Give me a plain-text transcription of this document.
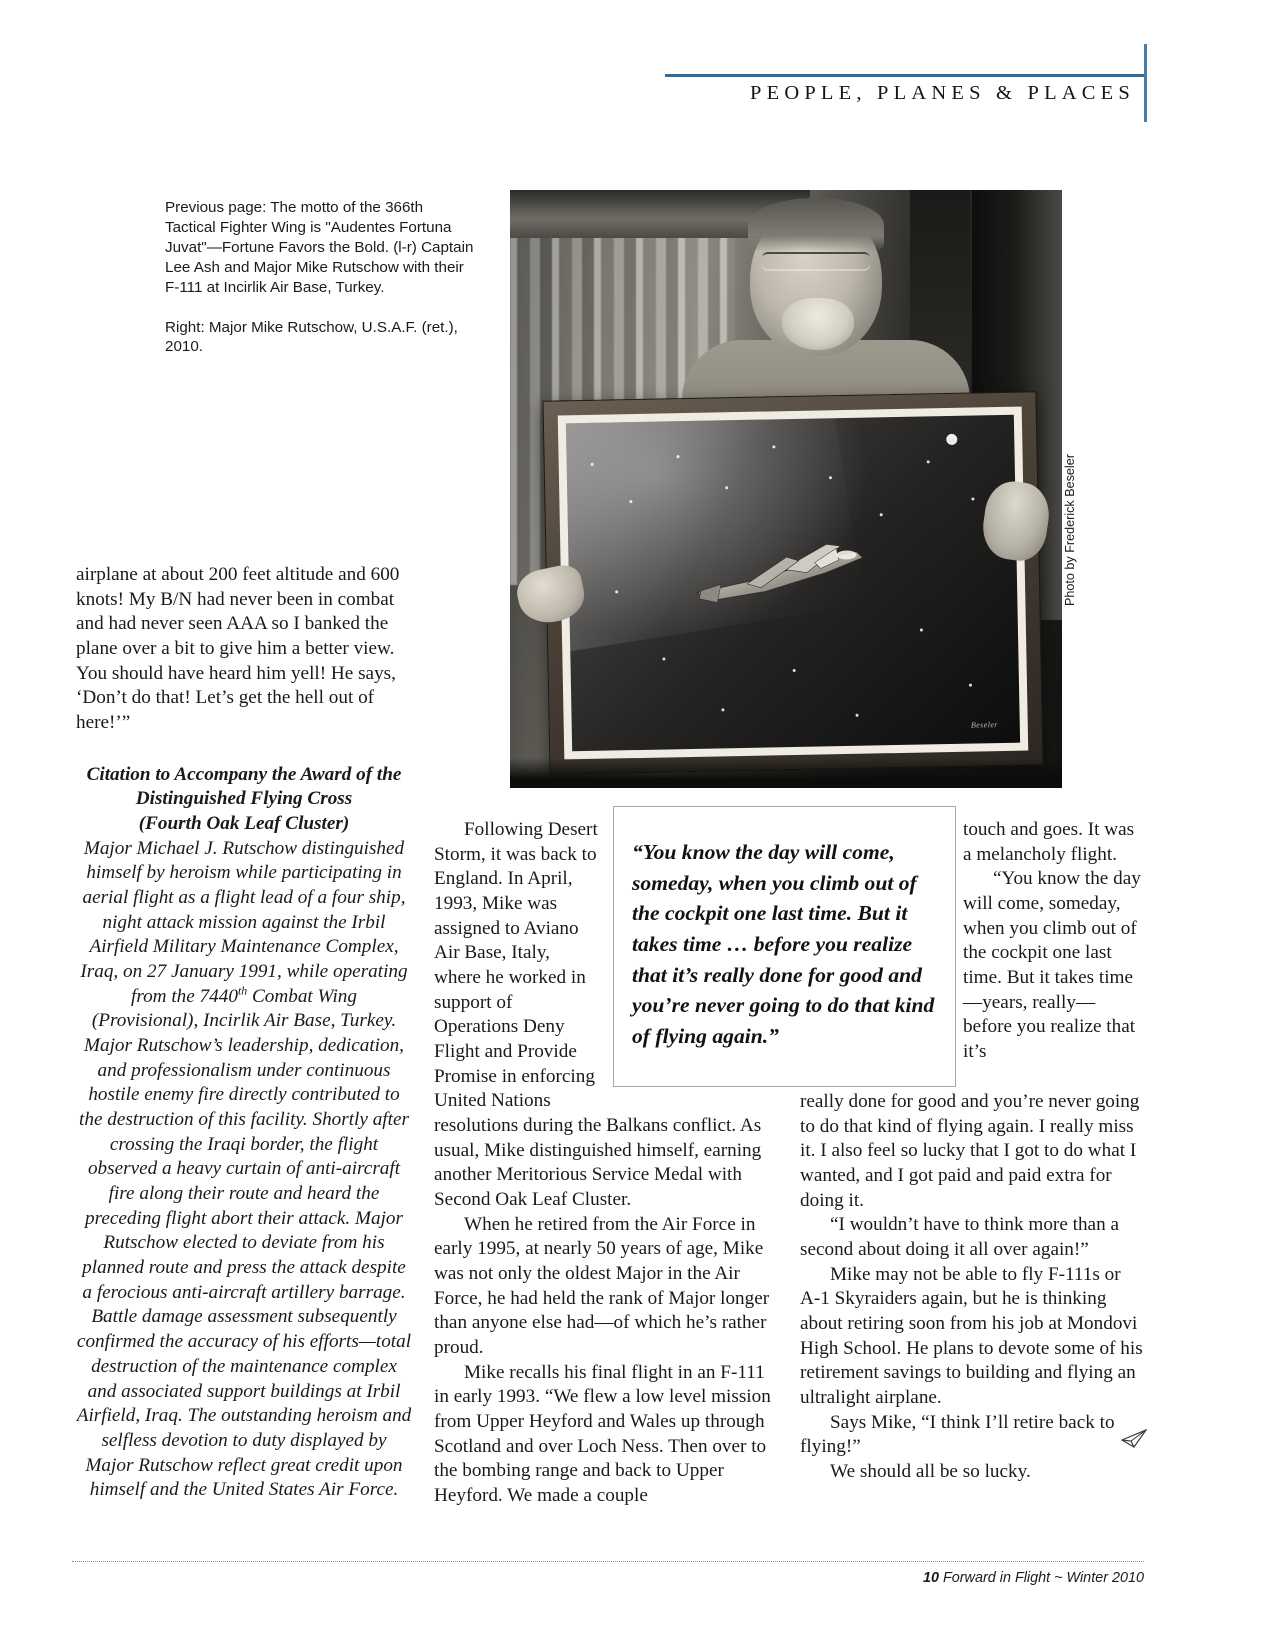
PEOPLE, PLANES & PLACES

Previous page: The motto of the 366th Tactical Fighter Wing is "Audentes Fortuna Juvat"—Fortune Favors the Bold. (l-r) Captain Lee Ash and Major Mike Rutschow with their F-111 at Incirlik Air Base, Turkey.

Right: Major Mike Rutschow, U.S.A.F. (ret.), 2010.

Beseler
Photo by Frederick Beseler

airplane at about 200 feet altitude and 600 knots! My B/N had never been in combat and had never seen AAA so I banked the plane over a bit to give him a better view. You should have heard him yell! He says, ‘Don’t do that! Let’s get the hell out of here!’”

Citation to Accompany the Award of the

Distinguished Flying Cross

(Fourth Oak Leaf Cluster)

Major Michael J. Rutschow distinguished himself by heroism while participating in aerial flight as a flight lead of a four ship, night attack mission against the Irbil Airfield Military Maintenance Complex, Iraq, on 27 January 1991, while operating from the 7440th Combat Wing (Provisional), Incirlik Air Base, Turkey. Major Rutschow’s leadership, dedication, and professionalism under continuous hostile enemy fire directly contributed to the destruction of this facility. Shortly after crossing the Iraqi border, the flight observed a heavy curtain of anti-aircraft fire along their route and heard the preceding flight abort their attack. Major Rutschow elected to deviate from his planned route and press the attack despite a ferocious anti-aircraft artillery barrage. Battle damage assessment subsequently confirmed the accuracy of his efforts—total destruction of the maintenance complex and associated support buildings at Irbil Airfield, Iraq. The outstanding heroism and selfless devotion to duty displayed by Major Rutschow reflect great credit upon himself and the United States Air Force.

Following Desert Storm, it was back to England. In April, 1993, Mike was assigned to Aviano Air Base, Italy, where he worked in support of Operations Deny Flight and Provide Promise in enforcing United Nations resolutions during the Balkans conflict. As usual, Mike distinguished himself, earning another Meritorious Service Medal with Second Oak Leaf Cluster.

When he retired from the Air Force in early 1995, at nearly 50 years of age, Mike was not only the oldest Major in the Air Force, he had held the rank of Major longer than anyone else had—of which he’s rather proud.

Mike recalls his final flight in an F-111 in early 1993. “We flew a low level mission from Upper Heyford and Wales up through Scotland and over Loch Ness. Then over to the bombing range and back to Upper Heyford. We made a couple

“You know the day will come, someday, when you climb out of the cockpit one last time. But it takes time … before you realize that it’s really done for good and you’re never going to do that kind of flying again.”

touch and goes. It was a melancholy flight.

“You know the day will come, someday, when you climb out of the cockpit one last time. But it takes time—years, really—before you realize that it’s

really done for good and you’re never going to do that kind of flying again. I really miss it. I also feel so lucky that I got to do what I wanted, and I got paid and paid extra for doing it.

“I wouldn’t have to think more than a second about doing it all over again!”

Mike may not be able to fly F-111s or A-1 Skyraiders again, but he is thinking about retiring soon from his job at Mondovi High School. He plans to devote some of his retirement savings to building and flying an ultralight airplane.

Says Mike, “I think I’ll retire back to flying!”

We should all be so lucky.

10 Forward in Flight ~ Winter 2010
